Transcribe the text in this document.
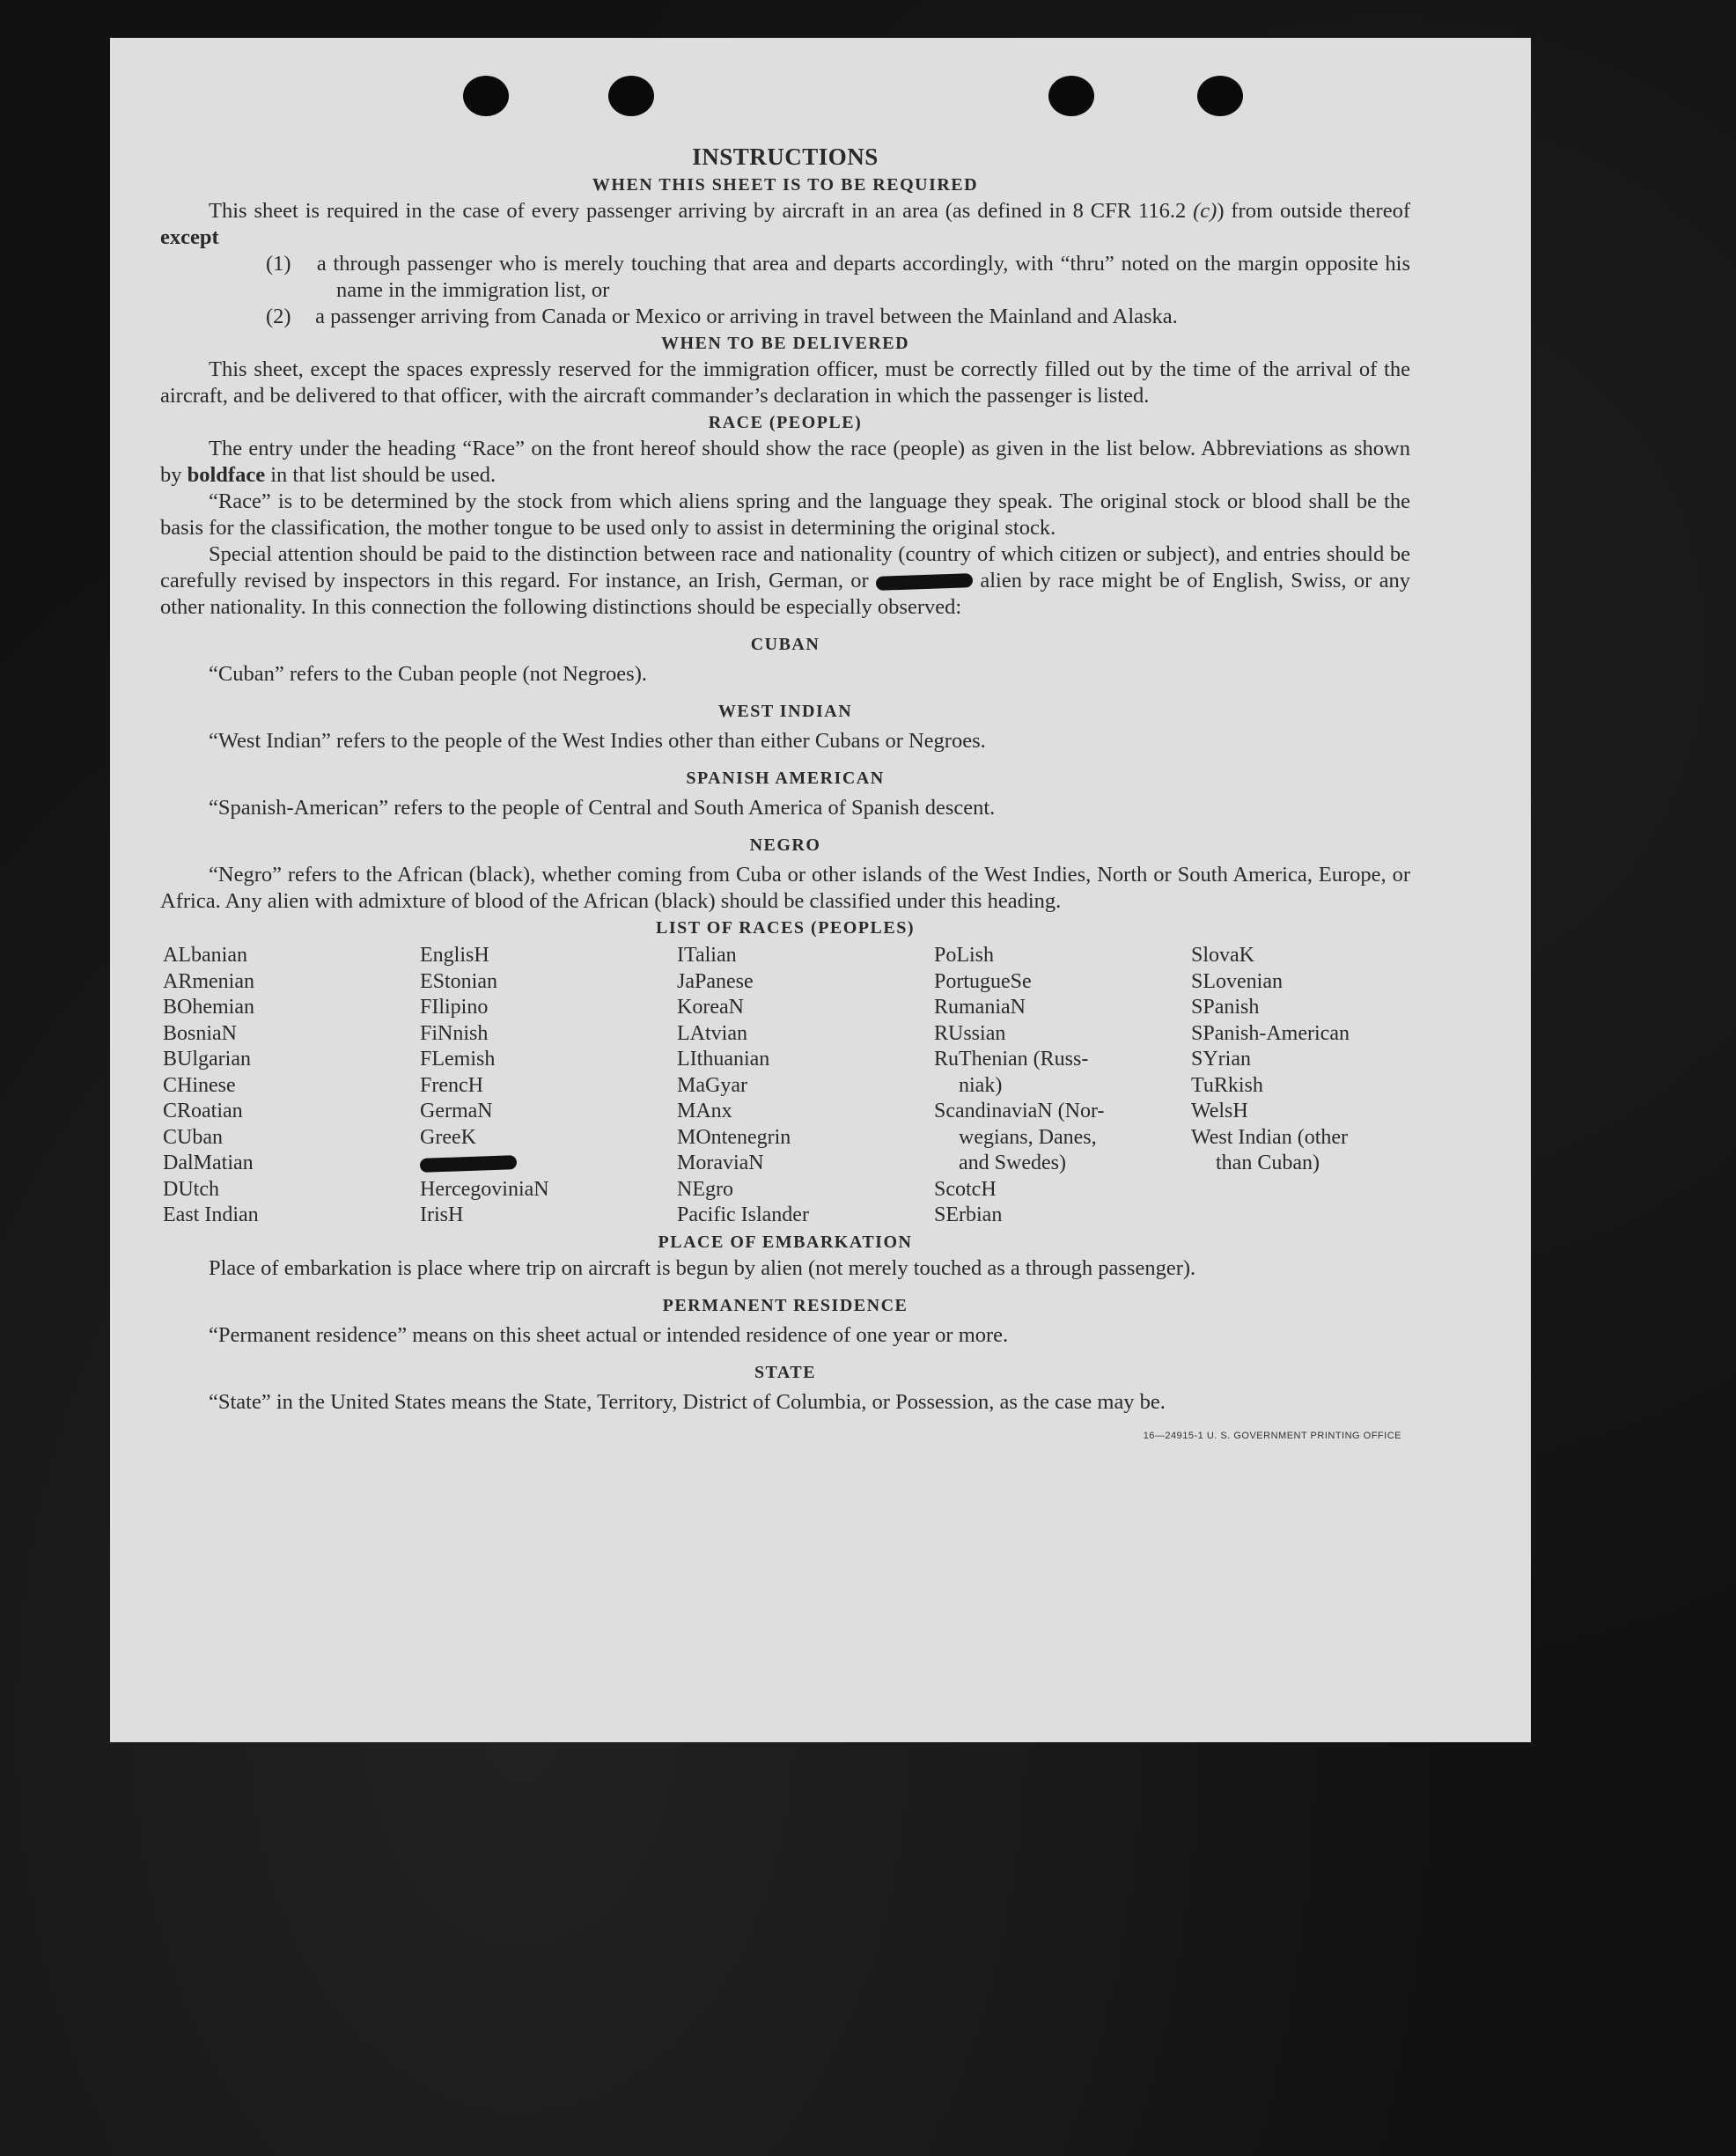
INSTRUCTIONS
WHEN THIS SHEET IS TO BE REQUIRED

This sheet is required in the case of every passenger arriving by aircraft in an area (as defined in 8 CFR 116.2 (c)) from outside thereof except

(1) a through passenger who is merely touching that area and departs accordingly, with “thru” noted on the margin opposite his name in the immigration list, or

(2) a passenger arriving from Canada or Mexico or arriving in travel between the Mainland and Alaska.

WHEN TO BE DELIVERED

This sheet, except the spaces expressly reserved for the immigration officer, must be correctly filled out by the time of the arrival of the aircraft, and be delivered to that officer, with the aircraft commander’s declaration in which the passenger is listed.

RACE (PEOPLE)

The entry under the heading “Race” on the front hereof should show the race (people) as given in the list below. Abbreviations as shown by boldface in that list should be used.

“Race” is to be determined by the stock from which aliens spring and the language they speak. The original stock or blood shall be the basis for the classification, the mother tongue to be used only to assist in determining the original stock.

Special attention should be paid to the distinction between race and nationality (country of which citizen or subject), and entries should be carefully revised by inspectors in this regard. For instance, an Irish, German, or	alien by race might be of English, Swiss, or any other nationality. In this connection the following distinctions should be especially observed:

CUBAN

“Cuban” refers to the Cuban people (not Negroes).

WEST INDIAN

“West Indian” refers to the people of the West Indies other than either Cubans or Negroes.

SPANISH AMERICAN

“Spanish-American” refers to the people of Central and South America of Spanish descent.

NEGRO

“Negro” refers to the African (black), whether coming from Cuba or other islands of the West Indies, North or South America, Europe, or Africa. Any alien with admixture of blood of the African (black) should be classified under this heading.

LIST OF RACES (PEOPLES)
ALbanian
ARmenian
BOhemian
BosniaN
BUlgarian
CHinese
CRoatian
CUban
DalMatian
DUtch
East Indian
EnglisH
EStonian
FIlipino
FiNnish
FLemish
FrencH
GermaN
GreeK
HercegoviniaN
IrisH
ITalian
JaPanese
KoreaN
LAtvian
LIthuanian
MaGyar
MAnx
MOntenegrin
MoraviaN
NEgro
Pacific Islander
PoLish
PortugueSe
RumaniaN
RUssian
RuThenian (Russ-
niak)
ScandinaviaN (Nor-
wegians, Danes,
and Swedes)
ScotcH
SErbian
SlovaK
SLovenian
SPanish
SPanish-American
SYrian
TuRkish
WelsH
West Indian (other
than Cuban)
PLACE OF EMBARKATION

Place of embarkation is place where trip on aircraft is begun by alien (not merely touched as a through passenger).

PERMANENT RESIDENCE

“Permanent residence” means on this sheet actual or intended residence of one year or more.

STATE

“State” in the United States means the State, Territory, District of Columbia, or Possession, as the case may be.
16—24915-1 U. S. GOVERNMENT PRINTING OFFICE
